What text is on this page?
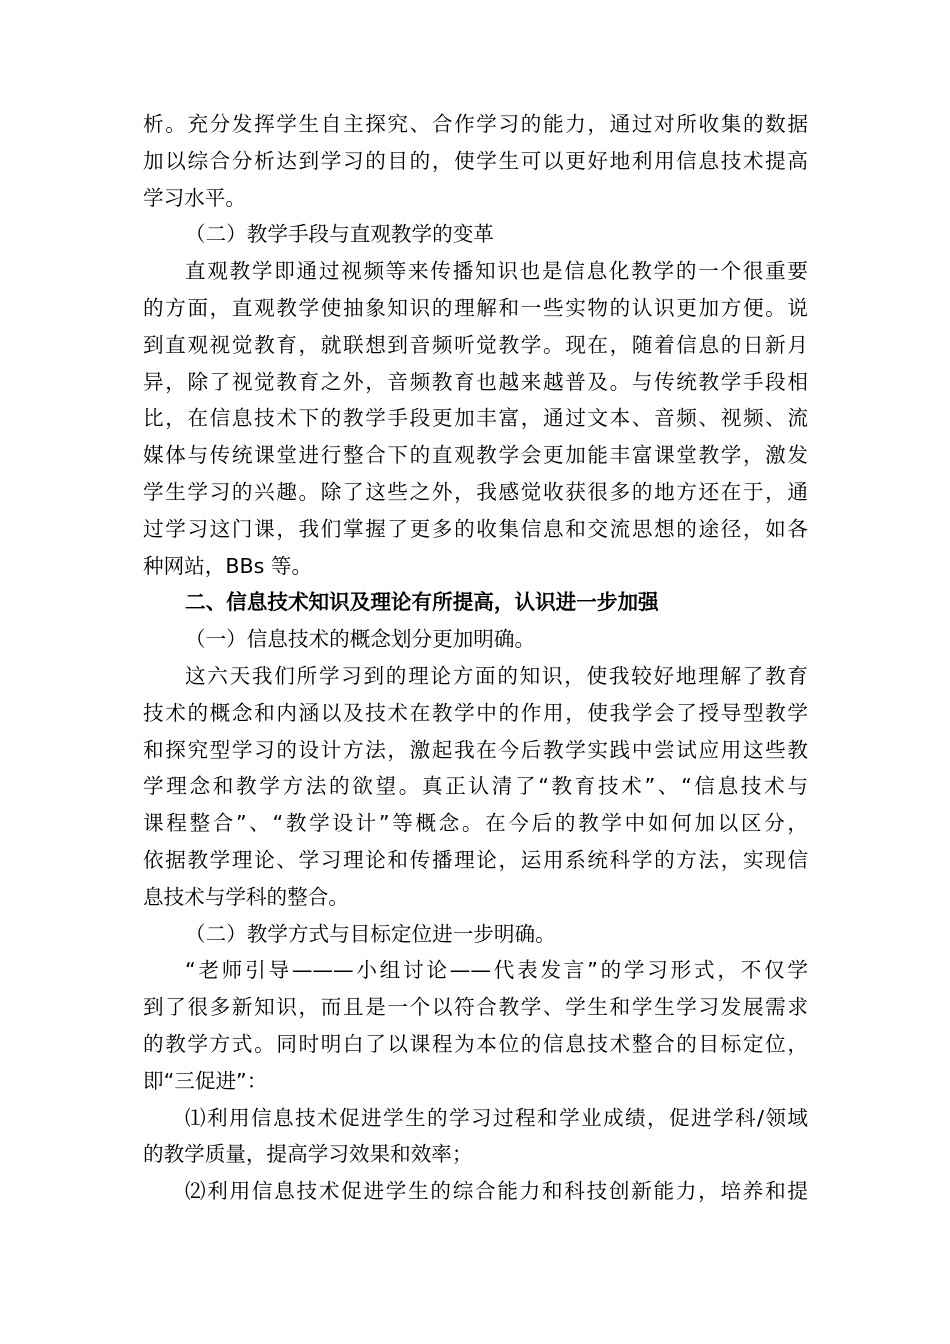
析。充分发挥学生自主探究、合作学习的能力，通过对所收集的数据
加以综合分析达到学习的目的，使学生可以更好地利用信息技术提高
学习水平。
（二）教学手段与直观教学的变革
直观教学即通过视频等来传播知识也是信息化教学的一个很重要
的方面，直观教学使抽象知识的理解和一些实物的认识更加方便。说
到直观视觉教育，就联想到音频听觉教学。现在，随着信息的日新月
异，除了视觉教育之外，音频教育也越来越普及。与传统教学手段相
比，在信息技术下的教学手段更加丰富，通过文本、音频、视频、流
媒体与传统课堂进行整合下的直观教学会更加能丰富课堂教学，激发
学生学习的兴趣。除了这些之外，我感觉收获很多的地方还在于，通
过学习这门课，我们掌握了更多的收集信息和交流思想的途径，如各
种网站，BBs 等。
二、信息技术知识及理论有所提高，认识进一步加强
（一）信息技术的概念划分更加明确。
这六天我们所学习到的理论方面的知识，使我较好地理解了教育
技术的概念和内涵以及技术在教学中的作用，使我学会了授导型教学
和探究型学习的设计方法，激起我在今后教学实践中尝试应用这些教
学理念和教学方法的欲望。真正认清了“教育技术”、“信息技术与
课程整合”、“教学设计”等概念。在今后的教学中如何加以区分，
依据教学理论、学习理论和传播理论，运用系统科学的方法，实现信
息技术与学科的整合。
（二）教学方式与目标定位进一步明确。
“老师引导———小组讨论——代表发言”的学习形式，不仅学
到了很多新知识，而且是一个以符合教学、学生和学生学习发展需求
的教学方式。同时明白了以课程为本位的信息技术整合的目标定位，
即“三促进”：
⑴利用信息技术促进学生的学习过程和学业成绩，促进学科/领域
的教学质量，提高学习效果和效率；
⑵利用信息技术促进学生的综合能力和科技创新能力，培养和提
